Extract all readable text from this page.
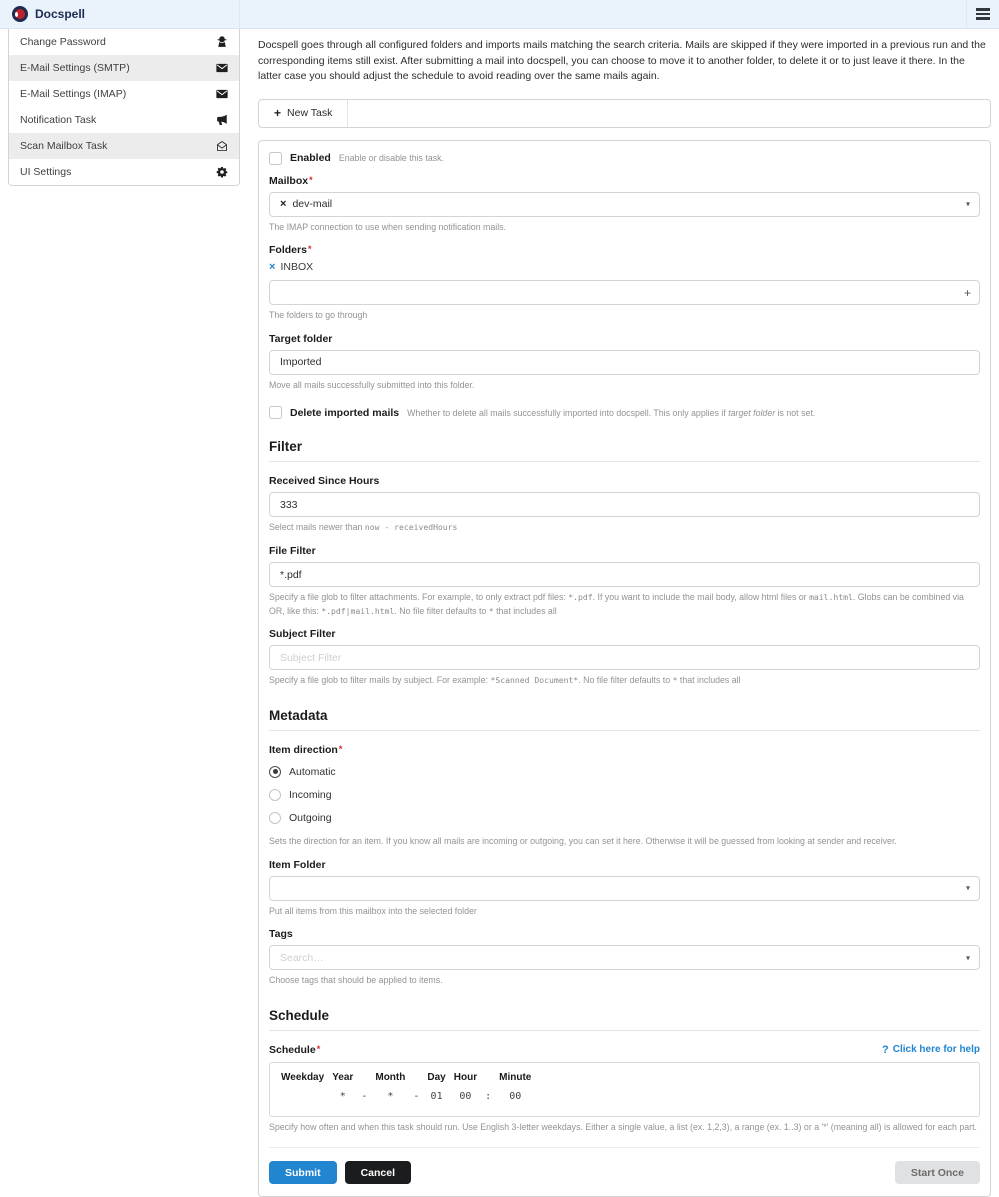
Docspell
Change Password
E-Mail Settings (SMTP)
E-Mail Settings (IMAP)
Notification Task
Scan Mailbox Task
UI Settings

Docspell goes through all configured folders and imports mails matching the search criteria. Mails are skipped if they were imported in a previous run and the corresponding items still exist. After submitting a mail into docspell, you can choose to move it to another folder, to delete it or to just leave it there. In the latter case you should adjust the schedule to avoid reading over the same mails again.

+ New Task
Enabled Enable or disable this task.
Mailbox*
× dev-mail	▾
The IMAP connection to use when sending notification mails.
Folders*
× INBOX
+
The folders to go through
Target folder
Imported
Move all mails successfully submitted into this folder.
Delete imported mails Whether to delete all mails successfully imported into docspell. This only applies if target folder is not set.
Filter
Received Since Hours
333
Select mails newer than now - receivedHours
File Filter
*.pdf
Specify a file glob to filter attachments. For example, to only extract pdf files: *.pdf. If you want to include the mail body, allow html files or mail.html. Globs can be combined via OR, like this: *.pdf|mail.html. No file filter defaults to * that includes all
Subject Filter
Subject Filter
Specify a file glob to filter mails by subject. For example: *Scanned Document*. No file filter defaults to * that includes all
Metadata
Item direction*
Automatic
Incoming
Outgoing
Sets the direction for an item. If you know all mails are incoming or outgoing, you can set it here. Otherwise it will be guessed from looking at sender and receiver.
Item Folder
▾
Put all items from this mailbox into the selected folder
Tags
Search…	▾
Choose tags that should be applied to items.
Schedule
Schedule*	? Click here for help
Weekday	Year		Month		Day	Hour		Minute
	*	-	*	-	01	00	:	00
Specify how often and when this task should run. Use English 3-letter weekdays. Either a single value, a list (ex. 1,2,3), a range (ex. 1..3) or a '*' (meaning all) is allowed for each part.
Submit	Cancel	Start Once
